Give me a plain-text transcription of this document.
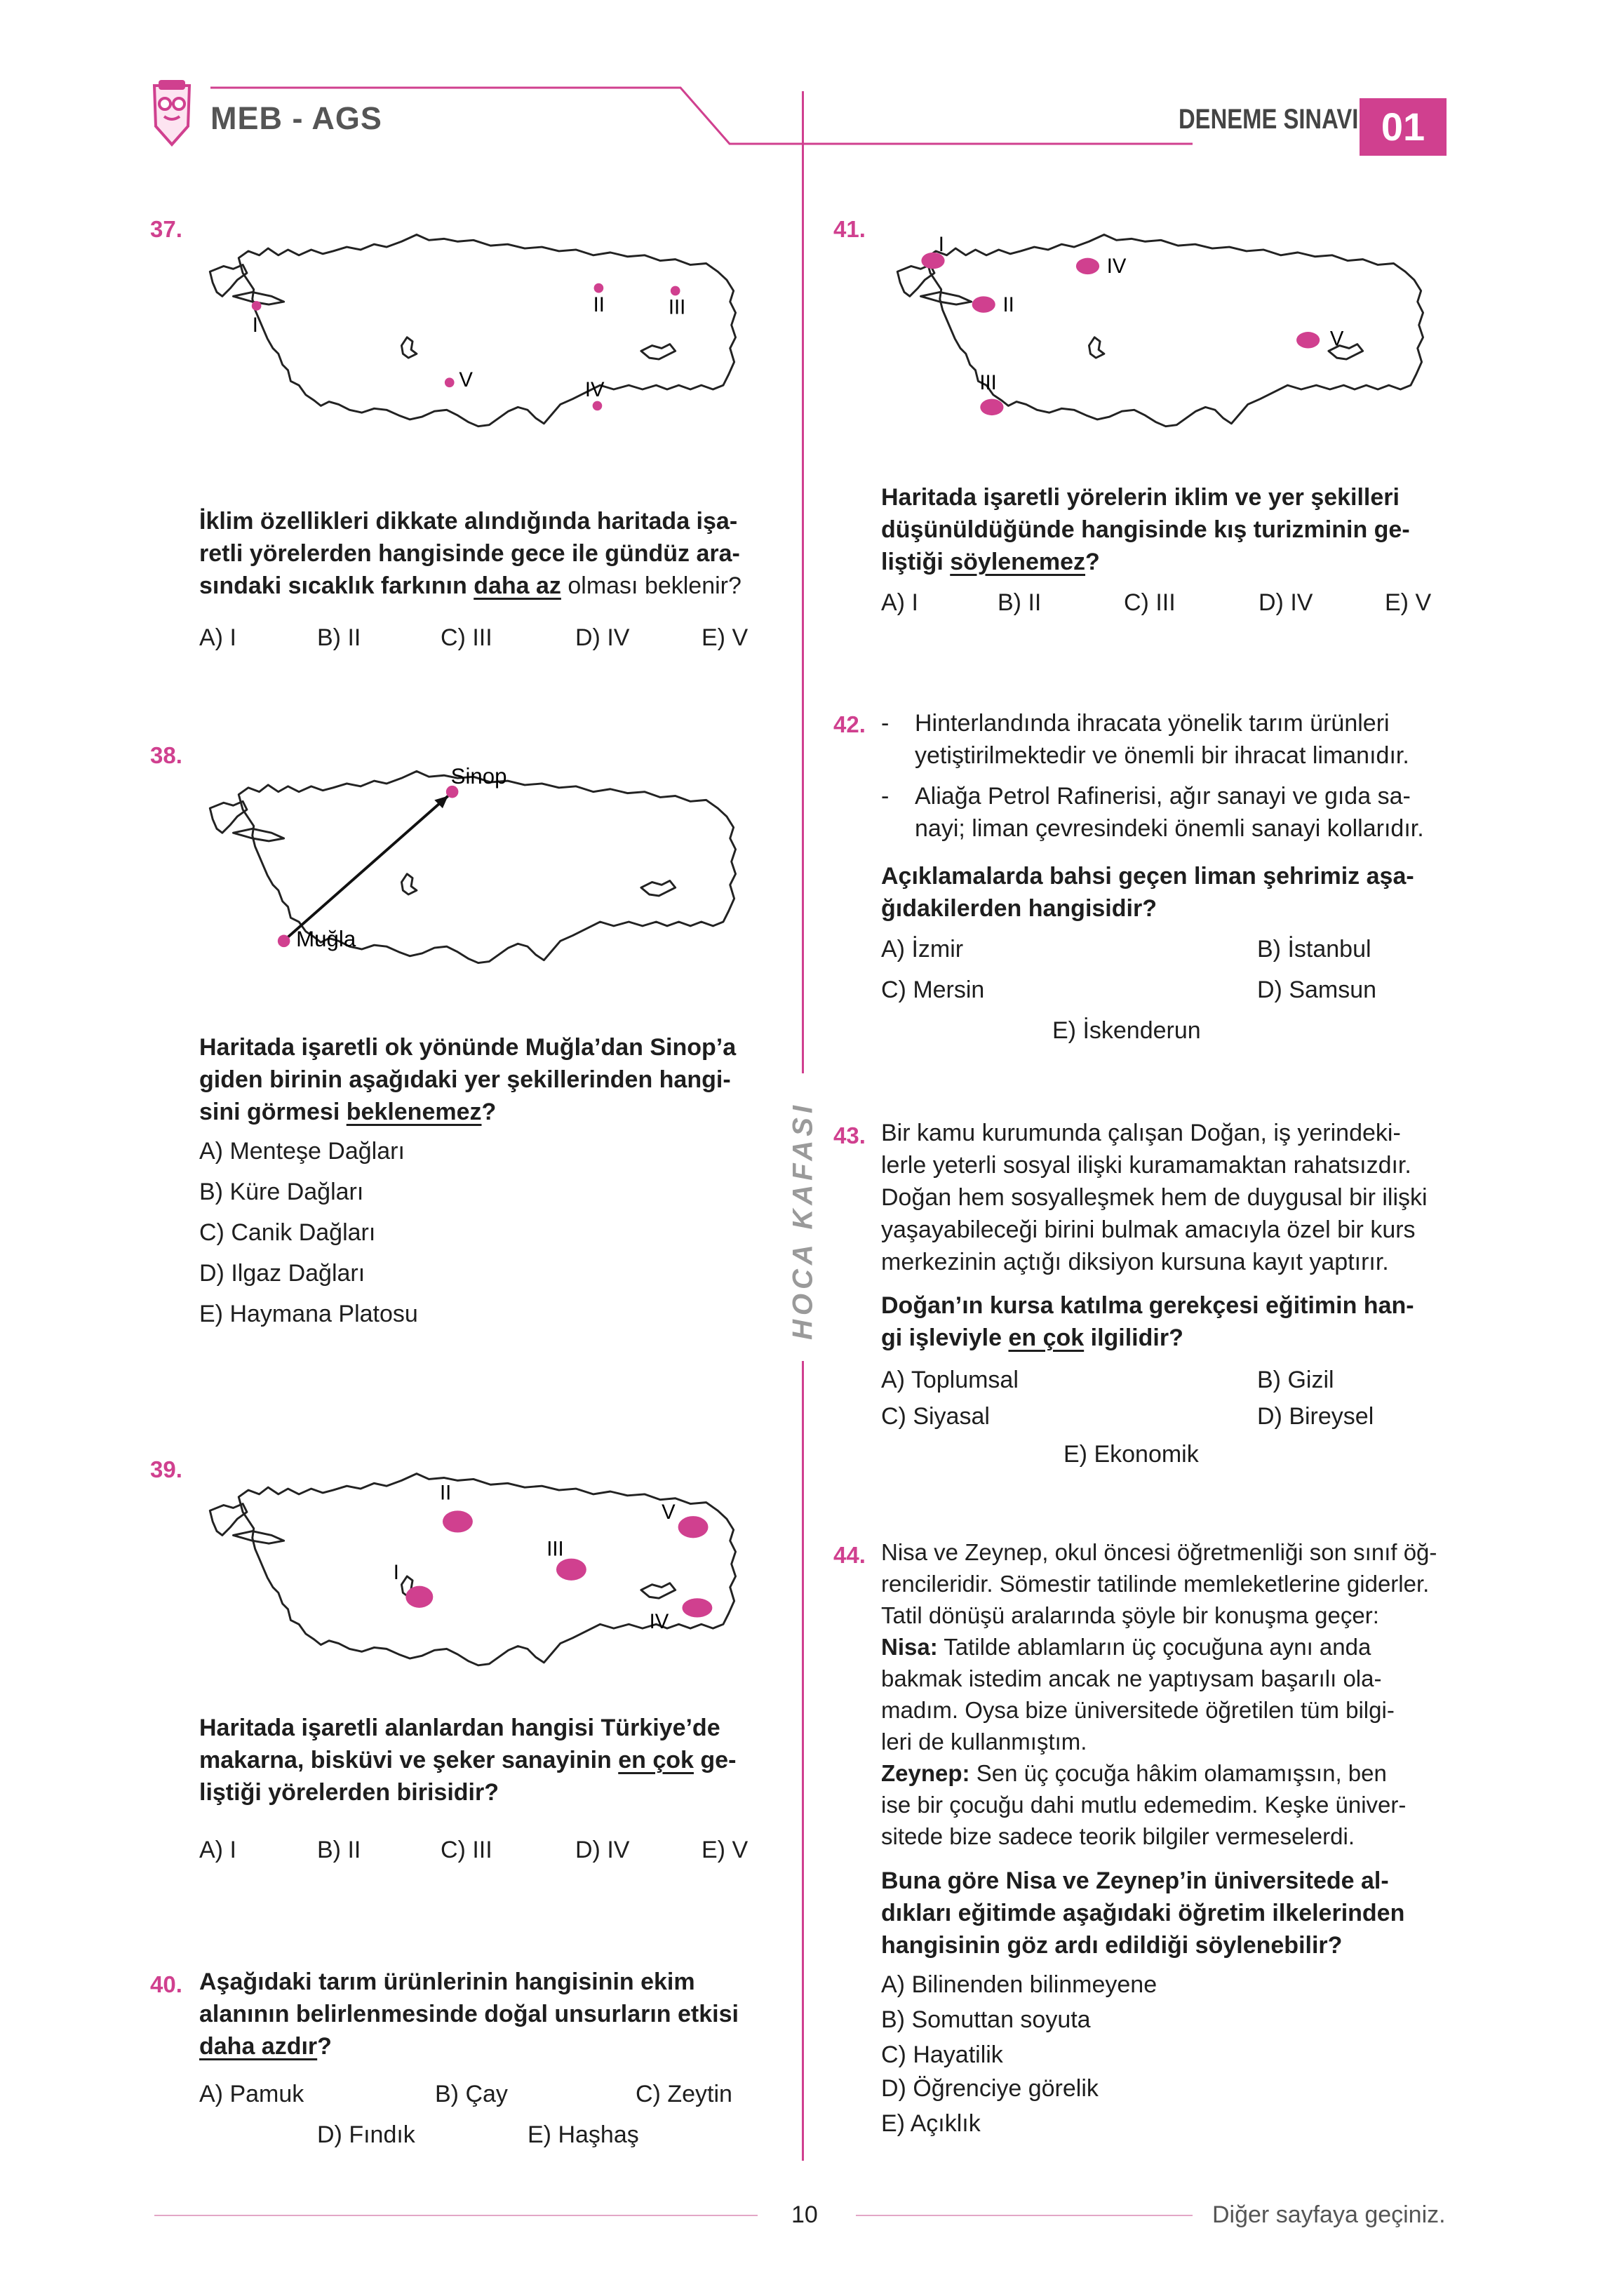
MEB - AGS	DENEME SINAVI 01
HOCA KAFASI
37.
I
II	III
IV
V
İklim özellikleri dikkate alındığında haritada işa-
retli yörelerden hangisinde gece ile gündüz ara-
sındaki sıcaklık farkının daha az olması beklenir?
A) I	B) II	C) III	D) IV	E) V
38.
Sinop
Muğla
Haritada işaretli ok yönünde Muğla’dan Sinop’a
giden birinin aşağıdaki yer şekillerinden hangi-
sini görmesi beklenemez?
A) Menteşe Dağları
B) Küre Dağları
C) Canik Dağları
D) Ilgaz Dağları
E) Haymana Platosu
39.
I
II
III
IV
V
Haritada işaretli alanlardan hangisi Türkiye’de
makarna, bisküvi ve şeker sanayinin en çok ge-
liştiği yörelerden birisidir?
A) I	B) II	C) III	D) IV	E) V
40. Aşağıdaki tarım ürünlerinin hangisinin ekim
alanının belirlenmesinde doğal unsurların etkisi
daha azdır?
A) Pamuk	B) Çay	C) Zeytin
D) Fındık	E) Haşhaş
41.
I
II
III
IV
V
Haritada işaretli yörelerin iklim ve yer şekilleri
düşünüldüğünde hangisinde kış turizminin ge-
liştiği söylenemez?
A) I	B) II	C) III	D) IV	E) V
42. -	Hinterlandında ihracata yönelik tarım ürünleri
yetiştirilmektedir ve önemli bir ihracat limanıdır.
-	Aliağa Petrol Rafinerisi, ağır sanayi ve gıda sa-
nayi; liman çevresindeki önemli sanayi kollarıdır.
Açıklamalarda bahsi geçen liman şehrimiz aşa-
ğıdakilerden hangisidir?
A) İzmir	B) İstanbul
C) Mersin	D) Samsun
E) İskenderun
43. Bir kamu kurumunda çalışan Doğan, iş yerindeki-
lerle yeterli sosyal ilişki kuramamaktan rahatsızdır.
Doğan hem sosyalleşmek hem de duygusal bir ilişki
yaşayabileceği birini bulmak amacıyla özel bir kurs
merkezinin açtığı diksiyon kursuna kayıt yaptırır.
Doğan’ın kursa katılma gerekçesi eğitimin han-
gi işleviyle en çok ilgilidir?
A) Toplumsal	B) Gizil
C) Siyasal	D) Bireysel
E) Ekonomik
44. Nisa ve Zeynep, okul öncesi öğretmenliği son sınıf öğ-
rencileridir. Sömestir tatilinde memleketlerine giderler.
Tatil dönüşü aralarında şöyle bir konuşma geçer:
Nisa: Tatilde ablamların üç çocuğuna aynı anda
bakmak istedim ancak ne yaptıysam başarılı ola-
madım. Oysa bize üniversitede öğretilen tüm bilgi-
leri de kullanmıştım.
Zeynep: Sen üç çocuğa hâkim olamamışsın, ben
ise bir çocuğu dahi mutlu edemedim. Keşke üniver-
sitede bize sadece teorik bilgiler vermeselerdi.
Buna göre Nisa ve Zeynep’in üniversitede al-
dıkları eğitimde aşağıdaki öğretim ilkelerinden
hangisinin göz ardı edildiği söylenebilir?
A) Bilinenden bilinmeyene
B) Somuttan soyuta
C) Hayatilik
D) Öğrenciye görelik
E) Açıklık
10	Diğer sayfaya geçiniz.
